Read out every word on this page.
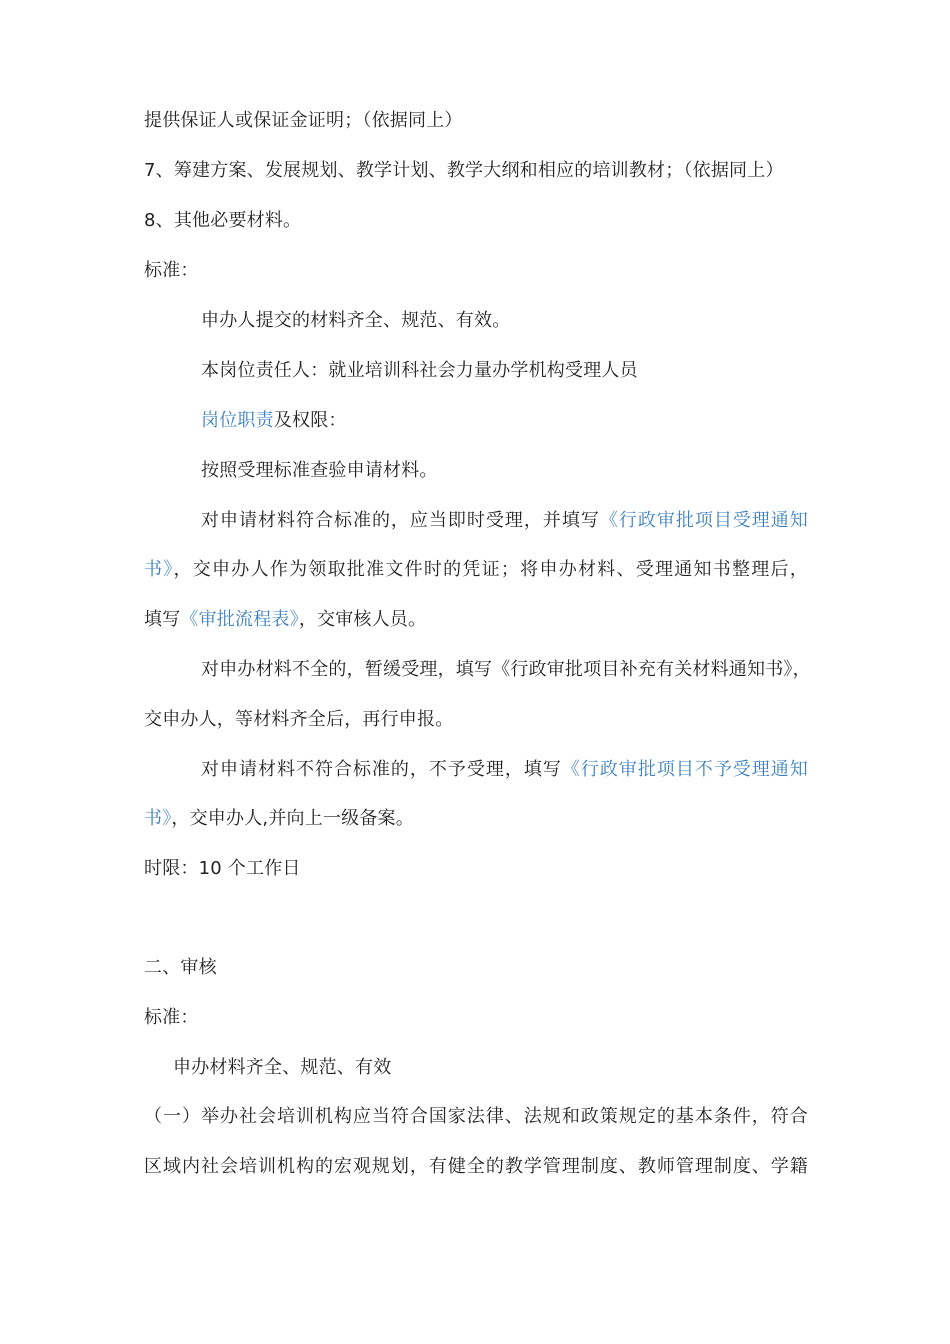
提供保证人或保证金证明；（依据同上）
7、筹建方案、发展规划、教学计划、教学大纲和相应的培训教材；（依据同上）
8、其他必要材料。
标准：
申办人提交的材料齐全、规范、有效。
本岗位责任人：就业培训科社会力量办学机构受理人员
岗位职责及权限：
按照受理标准查验申请材料。
对申请材料符合标准的，应当即时受理，并填写《行政审批项目受理通知
书》，交申办人作为领取批准文件时的凭证；将申办材料、受理通知书整理后，
填写《审批流程表》，交审核人员。
对申办材料不全的，暂缓受理，填写《行政审批项目补充有关材料通知书》，
交申办人，等材料齐全后，再行申报。
对申请材料不符合标准的，不予受理，填写《行政审批项目不予受理通知
书》，交申办人,并向上一级备案。
时限：10 个工作日
二、审核
标准：
申办材料齐全、规范、有效
（一）举办社会培训机构应当符合国家法律、法规和政策规定的基本条件，符合
区域内社会培训机构的宏观规划，有健全的教学管理制度、教师管理制度、学籍
